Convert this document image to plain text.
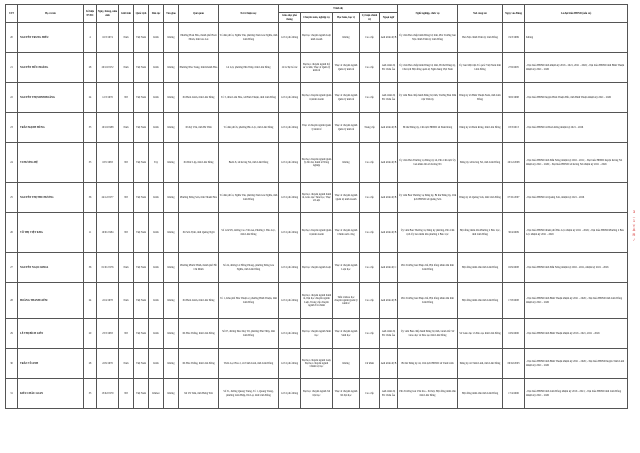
STT	Họ và tên	Số hiệu NVBC	Ngày, tháng, năm sinh	Giới tính	Quốc tịch	Dân tộc	Tôn giáo	Quê quán	Nơi ở hiện nay	Trình độ					Nghề nghiệp, chức vụ	Nơi công tác	Ngày vào Đảng	Là đại biểu HĐND (nếu có)
										Giáo dục phổ thông	Chuyên môn, nghiệp vụ	Học hàm, học vị	Lý luận chính trị	Ngoại ngữ				
20	NGUYỄN TRUNG HIẾU	4	16/3/1974	Nam	Việt Nam	Kinh	Không	Phường Hoài Hảo, thành phố Hoài Nhơn, tỉnh Gia Lai	Tổ dân phố 4, Nghĩa Tân, phường Nam Gia Nghĩa, tỉnh Lâm Đồng	12/12 phổ thông	Đại học chuyên ngành Luật kinh doanh	Không	Cao cấp	Anh trình độ B	Ủy viên Ban chấp hành Đảng bộ tỉnh, Phó Trưởng ban Nội chính Tỉnh ủy Lâm Đồng	Ban Nội chính Tỉnh ủy Lâm Đồng	19/3/1999	Không
21	NGUYỄN HỮU HOÀNG	28	20/10/1972	Nam	Việt Nam	Kinh	Không	Phường Nha Trang, tỉnh Khánh Hòa	Lê Lợi, phường Phú Thủy, tỉnh Lâm Đồng	12/12 hệ bổ túc	Đại học chuyên ngành Kỹ sư cơ khí, Thạc sĩ Quản lý kinh tế	Thạc sĩ chuyên ngành Quản lý kinh tế	Cao cấp	Anh trình độ B1 Châu Âu	Ủy viên Ban chấp hành Đảng bộ tỉnh, Bí thư Đảng ủy, Chủ tịch Hội đồng quản trị Ngân hàng Việt Nam	Ủy ban Mặt trận Tổ quốc Việt Nam tỉnh Lâm Đồng	27/6/2005	- Đại biểu HĐND tỉnh nhiệm kỳ 2016 - 2021, 2021 - 2026; - Đại biểu HĐND tỉnh Bình Thuận nhiệm kỳ 2021 - 2026
22	NGUYỄN THỊ MINH HOÀNG	24	12/3/1976	Nữ	Việt Nam	Kinh	Không	Xã Ham Liêm, tỉnh Lâm Đồng	Tổ 3, thôn Liên Hòa, xã Hàm Thuận, tỉnh Lâm Đồng	12/12 phổ thông	Đại học chuyên ngành Quản trị kinh doanh	Thạc sĩ chuyên ngành Quản lý kinh tế	Cao cấp	Anh trình độ B1 Châu Âu	Ủy viên Ban chấp hành Đảng bộ tỉnh, Trưởng Ban Dân vận Tỉnh ủy	Đảng ủy xã Hàm Thuận Nam, tỉnh Lâm Đồng	30/6/1998	- Đại biểu HĐND huyện Hàm Thuận Bắc, tỉnh Bình Thuận nhiệm kỳ 2021 - 2026
23	TRẦN MẠNH HÙNG	33	10/10/1988	Nam	Việt Nam	Kinh	Không	Xã Kỳ Văn, tỉnh Hà Tĩnh	Tổ dân phố 6, phường Bảo Lộc, tỉnh Lâm Đồng	12/12 phổ thông	Thạc sĩ chuyên ngành Quản lý kinh tế	Thạc sĩ chuyên ngành Quản lý kinh tế	Trung cấp	Anh trình độ B	Bí thư Đảng ủy, Chủ tịch HĐND xã Đam Rông	Đảng ủy xã Đam Rông, tỉnh Lâm Đồng	03/3/2013	- Đại biểu HĐND xã Đam Rông nhiệm kỳ 2021 - 2026
24	VI HƯƠNG HỆ	33	18/5/1983	Nữ	Việt Nam	Tày	Không	Xã Đức Lập, tỉnh Lâm Đồng	Buôn 8, xã Krông Nô, tỉnh Lâm Đồng	12/12 phổ thông	Đại học chuyên ngành Quản lý đất đai, Kinh tế Nông nghiệp	Không	Cao cấp	Anh trình độ B	Ủy viên Ban Thường vụ Đảng ủy xã, Phó Chủ tịch Ủy ban nhân dân xã Krông Nô	Đảng ủy xã Krông Nô, tỉnh Lâm Đồng	20/12/2008	- Đại biểu HĐND tỉnh Đắk Nông nhiệm kỳ 2016 - 2021; - Đại biểu HĐND huyện Krông Nô nhiệm kỳ 2021 - 2026; - Đại biểu HĐND xã Krông Nô nhiệm kỳ 2021 - 2026
25	NGUYỄN THỊ THU HƯƠNG	36	24/12/1977	Nữ	Việt Nam	Kinh	Không	Phường Đông Sơn, tỉnh Thanh Hóa	Tổ dân phố 4, Nghĩa Tân, phường Nam Gia Nghĩa, tỉnh Lâm Đồng	12/12 phổ thông	Đại học chuyên ngành Kinh tế, Giáo dục Tiểu học, Thạc sĩ Luật	Thạc sĩ chuyên ngành Quản trị kinh doanh	Cao cấp	Anh trình độ B	Ủy viên Ban Thường vụ Đảng ủy, Bí thư Đảng ủy, Chủ tịch HĐND xã Quảng Sơn	Đảng ủy xã Quảng Sơn, tỉnh Lâm Đồng	07/01/2007	- Đại biểu HĐND xã Quảng Sơn, nhiệm kỳ 2021 - 2026
26	VÕ THỊ VIỆT KHA	11	10/01/1984	Nữ	Việt Nam	Kinh	Không	Xã Sơn Tịnh, tỉnh Quảng Ngãi	Số 124/3/9, đường Cao Văn An, Phường 1 Bảo Lộc, tỉnh Lâm Đồng	12/12 phổ thông	Đại học chuyên ngành Quản trị kinh doanh	Thạc sĩ chuyên ngành Chính sách công	Cao cấp	Anh trình độ B	Ủy viên Ban Thường vụ Đảng ủy phường, Phó Chủ tịch Ủy ban nhân dân phường 2 Bảo Lộc	Hội đồng nhân dân Phường 2 Bảo Lộc, tỉnh Lâm Đồng	30/4/2009	- Đại biểu HĐND thành phố Bảo Lộc nhiệm kỳ 2021 - 2026; - Đại biểu HĐND Phường 2 Bảo Lộc nhiệm kỳ 2021 - 2026
27	NGUYỄN NGỌC KHOA	36	01/01/1976	Nam	Việt Nam	Kinh	Không	Phường Phước Bình, thành phố Hồ Chí Minh	Số 24, đường Lê Hồng Phong, phường Đông Gia Nghĩa, tỉnh Lâm Đồng	12/12 phổ thông	Đại học chuyên ngành Luật	Thạc sĩ chuyên ngành Luật học	Cao cấp	Anh trình độ C	Phó Trưởng ban Pháp chế, Hội đồng nhân dân tỉnh Lâm Đồng	Hội đồng nhân dân tỉnh Lâm Đồng	02/9/2008	- Đại biểu HĐND tỉnh Đắk Nông nhiệm kỳ 2016 - 2021, nhiệm kỳ 2021 - 2026
28	HOÀNG THANH LIÊM	24	22/4/1978	Nam	Việt Nam	Kinh	Không	Xã Ham Liêm, tỉnh Lâm Đồng	Tổ 1, Khu phố Hòa Thuận 2, phường Bình Thuận, tỉnh Lâm Đồng	12/12 phổ thông	Đại học chuyên ngành Kinh tế, Đại học chuyên ngành Luật, Trung cấp chuyên ngành Tài chính	Tiến sĩ khoa học chuyên ngành Quản lý kinh tế	Cao cấp	Anh trình độ B	Phó Trưởng ban Pháp chế, Hội đồng nhân dân tỉnh Lâm Đồng	Hội đồng nhân dân tỉnh Lâm Đồng	17/8/2008	- Đại biểu HĐND tỉnh Bình Thuận nhiệm kỳ 2021 - 2026; - Đại biểu HĐND tỉnh Lâm Đồng nhiệm kỳ 2021 - 2026
29	LÊ THỊ BÍCH LIÊN	20	23/3/1983	Nữ	Việt Nam	Kinh	Không	Xã Hòa Thắng, tỉnh Lâm Đồng	Số 67, đường Đào Duy Từ, phường Phú Thủy, tỉnh Lâm Đồng	12/12 phổ thông	Đại học chuyên ngành Sinh học	Thạc sĩ chuyên ngành Sinh học	Cao cấp	Anh trình độ B1 Châu Âu	Ủy viên Ban chấp hành Đảng bộ tỉnh, Giám đốc Sở Giáo dục và Đào tạo tỉnh Lâm Đồng	Sở Giáo dục và Đào tạo tỉnh Lâm Đồng	16/9/2006	- Đại biểu HĐND tỉnh Bình Thuận nhiệm kỳ 2016 - 2021, 2021 - 2026
30	TRẦN VĨ LINH	28	22/9/1976	Nam	Việt Nam	Kinh	Không	Xã Hòa Thắng, tỉnh Lâm Đồng	Thôn Lạc Hòa 2, xã Tánh Linh, tỉnh Lâm Đồng	12/12 phổ thông	Đại học chuyên ngành Luật, Đại học chuyên ngành Chính trị học	Không	Cử nhân	Anh trình độ B	Bí thư Đảng ủy xã, Chủ tịch HĐND xã Tánh Linh	Đảng ủy xã Tánh Linh, tỉnh Lâm Đồng	09/02/2003	- Đại biểu HĐND tỉnh Bình Thuận nhiệm kỳ 2021 - 2026; - Đại biểu HĐND huyện Tánh Linh nhiệm kỳ 2021 - 2026
31	KIỀU CHÂU LOAN	33	13/02/1979	Nữ	Việt Nam	Khmer	Không	Xã Vũ Tiên, tỉnh Hưng Yên	Số 51, đường Quang Trung, Tổ 1, Quang Trung, phường Liên Hiệp, Đà Lạt, tỉnh Lâm Đồng	12/12 phổ thông	Đại học chuyên ngành Xã hội học	Thạc sĩ chuyên ngành Xã hội học	Cao cấp	Anh trình độ B1 Châu Âu	Phó Trưởng ban Văn hóa - Xã hội, Hội đồng nhân dân tỉnh Lâm Đồng	Hội đồng nhân dân tỉnh Lâm Đồng	17/4/2006	- Đại biểu HĐND tỉnh Lâm Đồng nhiệm kỳ 2016 - 2021; - Đại biểu HĐND tỉnh Lâm Đồng nhiệm kỳ 2021 - 2026
3
–
1
Y
Ả
R
/
